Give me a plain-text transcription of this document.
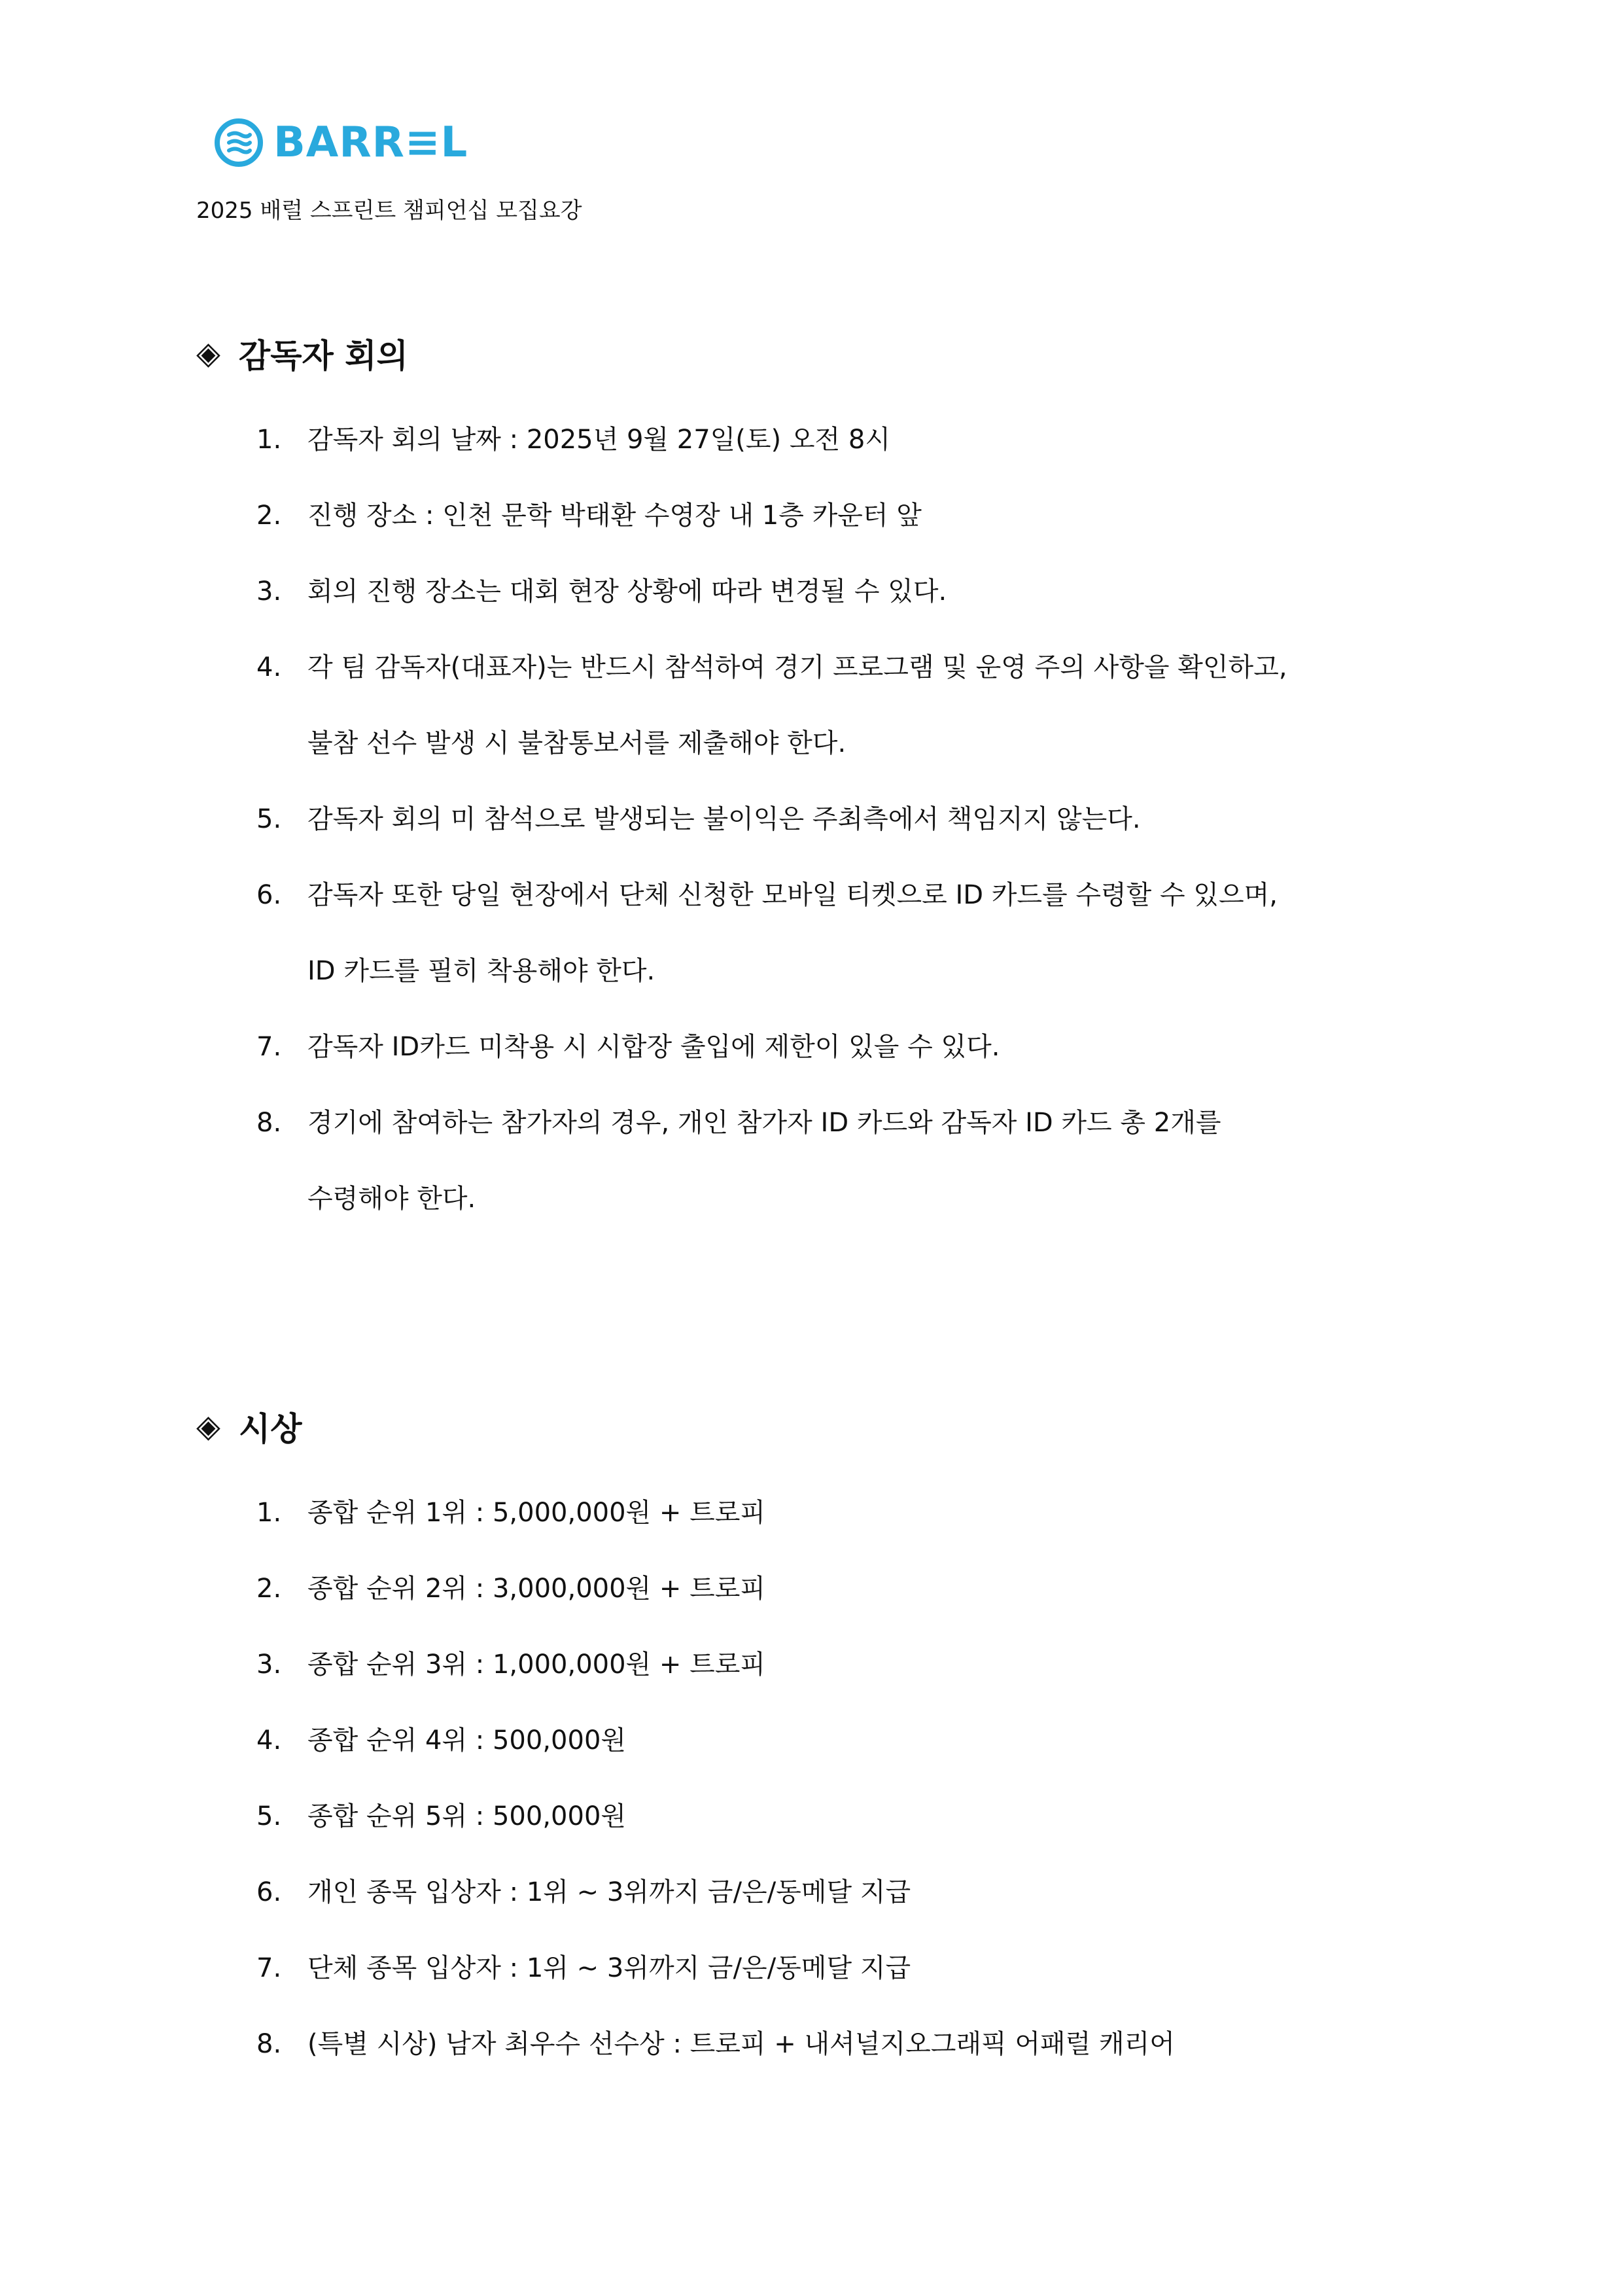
BARR≡L
2025 배럴 스프린트 챔피언십 모집요강
◈ 감독자 회의
1. 감독자 회의 날짜 : 2025년 9월 27일(토) 오전 8시
2. 진행 장소 : 인천 문학 박태환 수영장 내 1층 카운터 앞
3. 회의 진행 장소는 대회 현장 상황에 따라 변경될 수 있다.
4. 각 팀 감독자(대표자)는 반드시 참석하여 경기 프로그램 및 운영 주의 사항을 확인하고,
불참 선수 발생 시 불참통보서를 제출해야 한다.
5. 감독자 회의 미 참석으로 발생되는 불이익은 주최측에서 책임지지 않는다.
6. 감독자 또한 당일 현장에서 단체 신청한 모바일 티켓으로 ID 카드를 수령할 수 있으며,
ID 카드를 필히 착용해야 한다.
7. 감독자 ID카드 미착용 시 시합장 출입에 제한이 있을 수 있다.
8. 경기에 참여하는 참가자의 경우, 개인 참가자 ID 카드와 감독자 ID 카드 총 2개를
수령해야 한다.
◈ 시상
1. 종합 순위 1위 : 5,000,000원 + 트로피
2. 종합 순위 2위 : 3,000,000원 + 트로피
3. 종합 순위 3위 : 1,000,000원 + 트로피
4. 종합 순위 4위 : 500,000원
5. 종합 순위 5위 : 500,000원
6. 개인 종목 입상자 : 1위 ~ 3위까지 금/은/동메달 지급
7. 단체 종목 입상자 : 1위 ~ 3위까지 금/은/동메달 지급
8. (특별 시상) 남자 최우수 선수상 : 트로피 + 내셔널지오그래픽 어패럴 캐리어
